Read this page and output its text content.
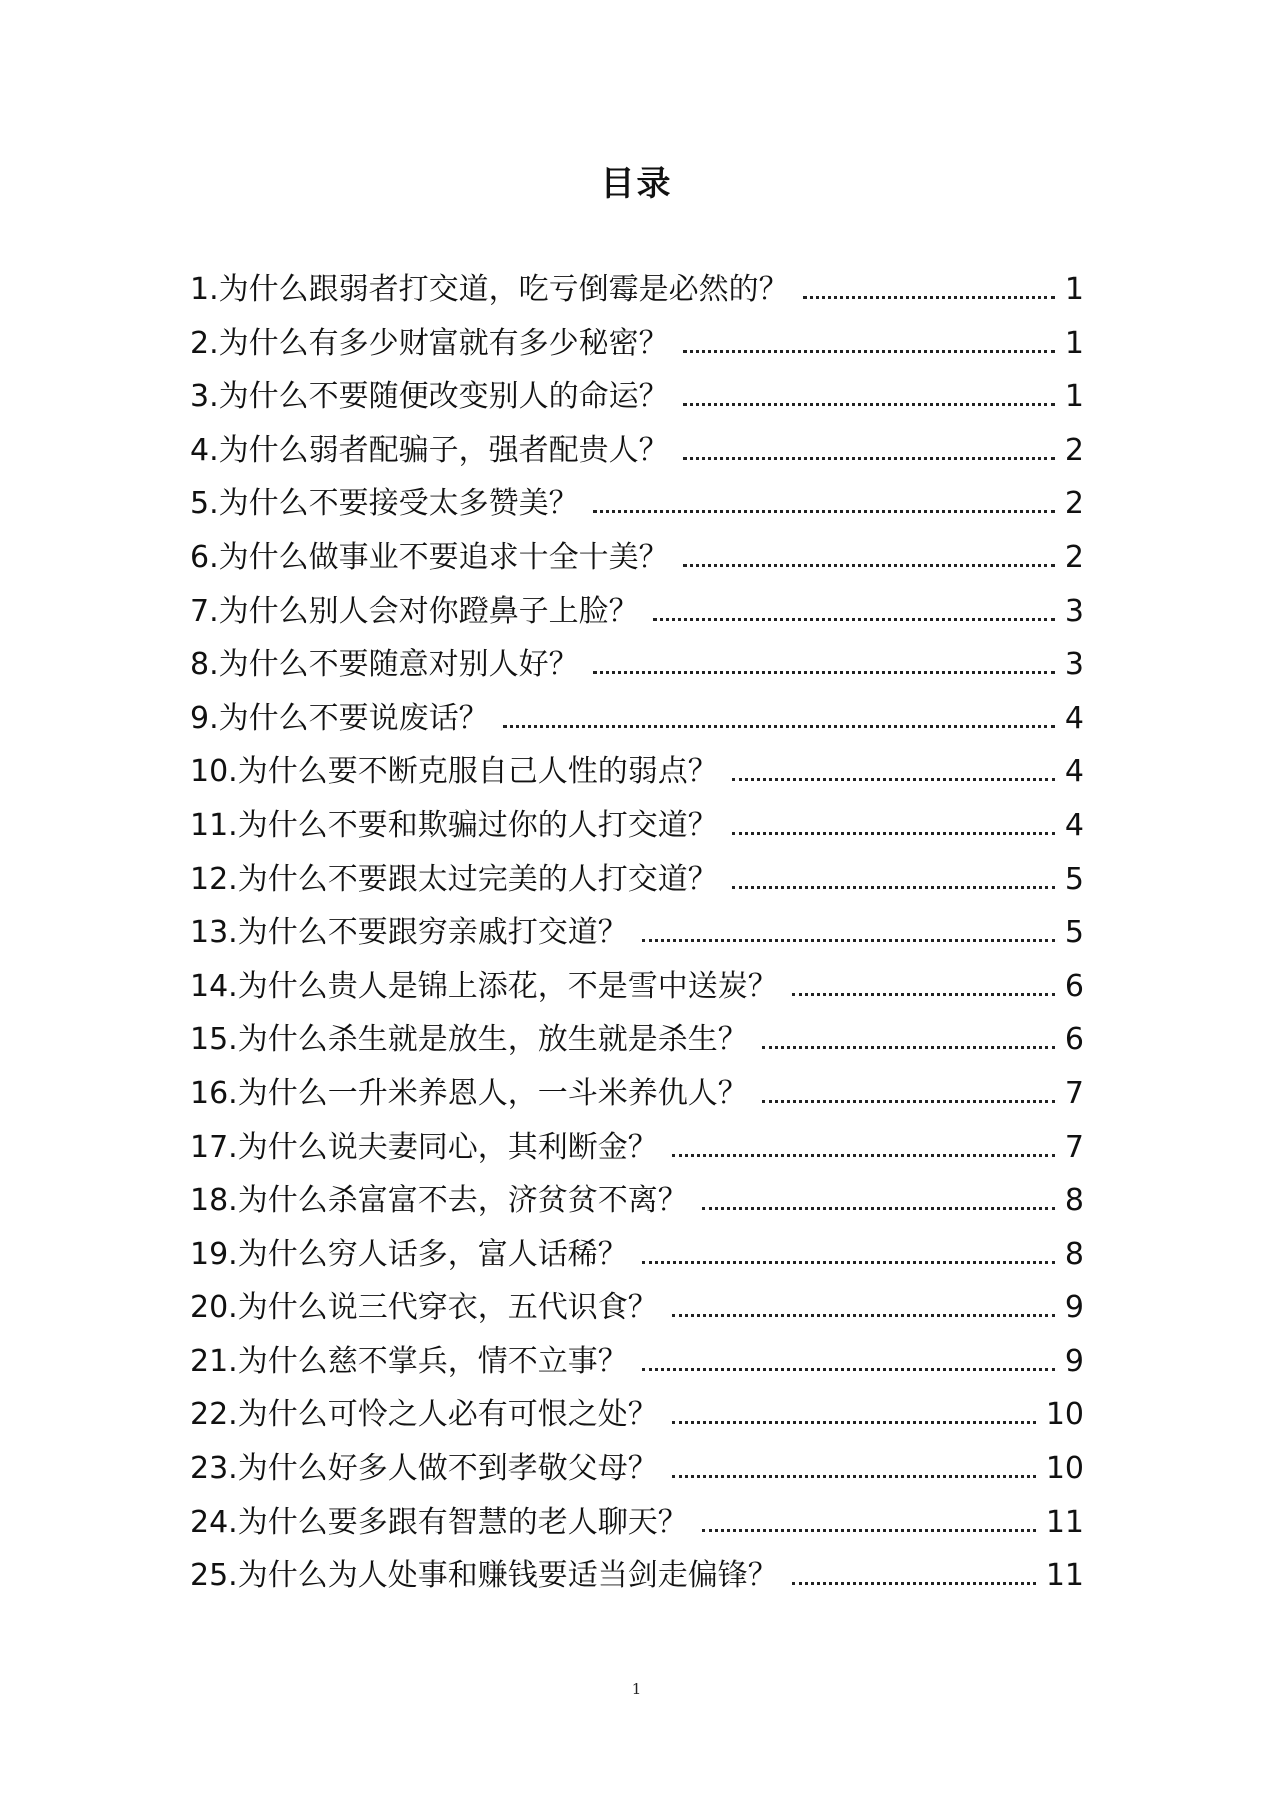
目录
1.为什么跟弱者打交道，吃亏倒霉是必然的？	1
2.为什么有多少财富就有多少秘密？	1
3.为什么不要随便改变别人的命运？	1
4.为什么弱者配骗子，强者配贵人？	2
5.为什么不要接受太多赞美？	2
6.为什么做事业不要追求十全十美？	2
7.为什么别人会对你蹬鼻子上脸？	3
8.为什么不要随意对别人好？	3
9.为什么不要说废话？	4
10.为什么要不断克服自己人性的弱点？	4
11.为什么不要和欺骗过你的人打交道？	4
12.为什么不要跟太过完美的人打交道？	5
13.为什么不要跟穷亲戚打交道？	5
14.为什么贵人是锦上添花，不是雪中送炭？	6
15.为什么杀生就是放生，放生就是杀生？	6
16.为什么一升米养恩人，一斗米养仇人？	7
17.为什么说夫妻同心，其利断金？	7
18.为什么杀富富不去，济贫贫不离？	8
19.为什么穷人话多，富人话稀？	8
20.为什么说三代穿衣，五代识食？	9
21.为什么慈不掌兵，情不立事？	9
22.为什么可怜之人必有可恨之处？	10
23.为什么好多人做不到孝敬父母？	10
24.为什么要多跟有智慧的老人聊天？	11
25.为什么为人处事和赚钱要适当剑走偏锋？	11
1
